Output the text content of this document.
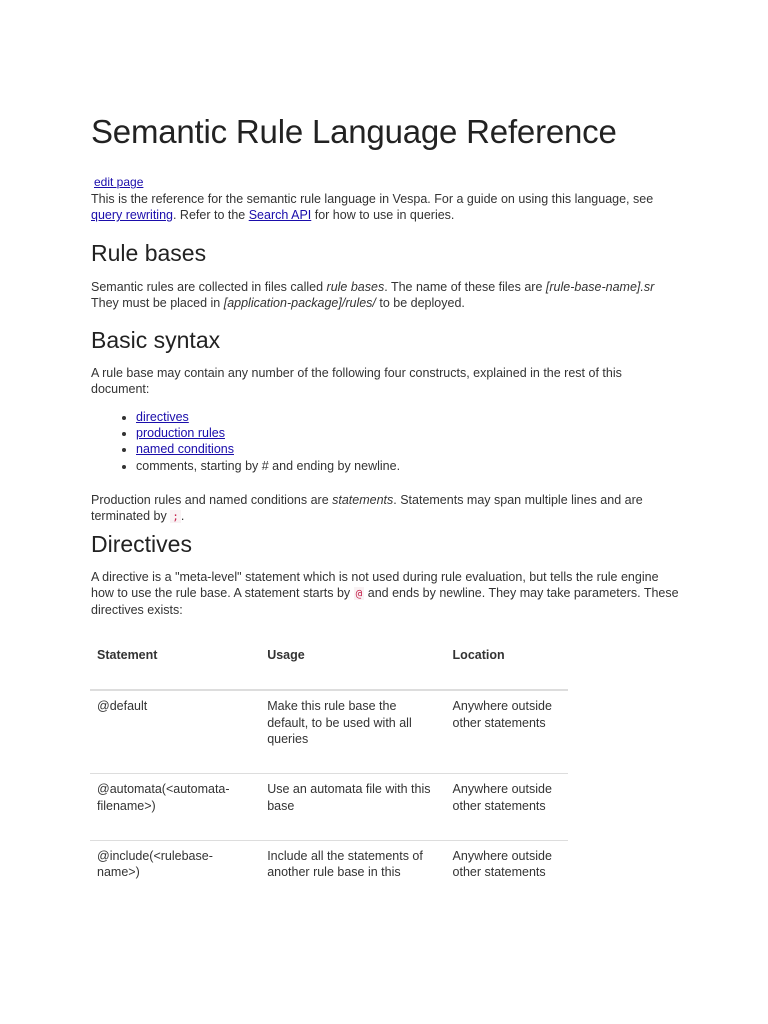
Semantic Rule Language Reference
edit page

This is the reference for the semantic rule language in Vespa. For a guide on using this language, see query rewriting. Refer to the Search API for how to use in queries.

Rule bases

Semantic rules are collected in files called rule bases. The name of these files are [rule-base-name].sr They must be placed in [application-package]/rules/ to be deployed.

Basic syntax

A rule base may contain any number of the following four constructs, explained in the rest of this document:

• directives
• production rules
• named conditions
• comments, starting by # and ending by newline.

Production rules and named conditions are statements. Statements may span multiple lines and are terminated by ; .

Directives

A directive is a "meta-level" statement which is not used during rule evaluation, but tells the rule engine how to use the rule base. A statement starts by @ and ends by newline. They may take parameters. These directives exists:

Statement	Usage	Location
@default	Make this rule base the default, to be used with all queries	Anywhere outside other statements
@automata(<automata-filename>)	Use an automata file with this base	Anywhere outside other statements
@include(<rulebase-name>)	Include all the statements of another rule base in this	Anywhere outside other statements
